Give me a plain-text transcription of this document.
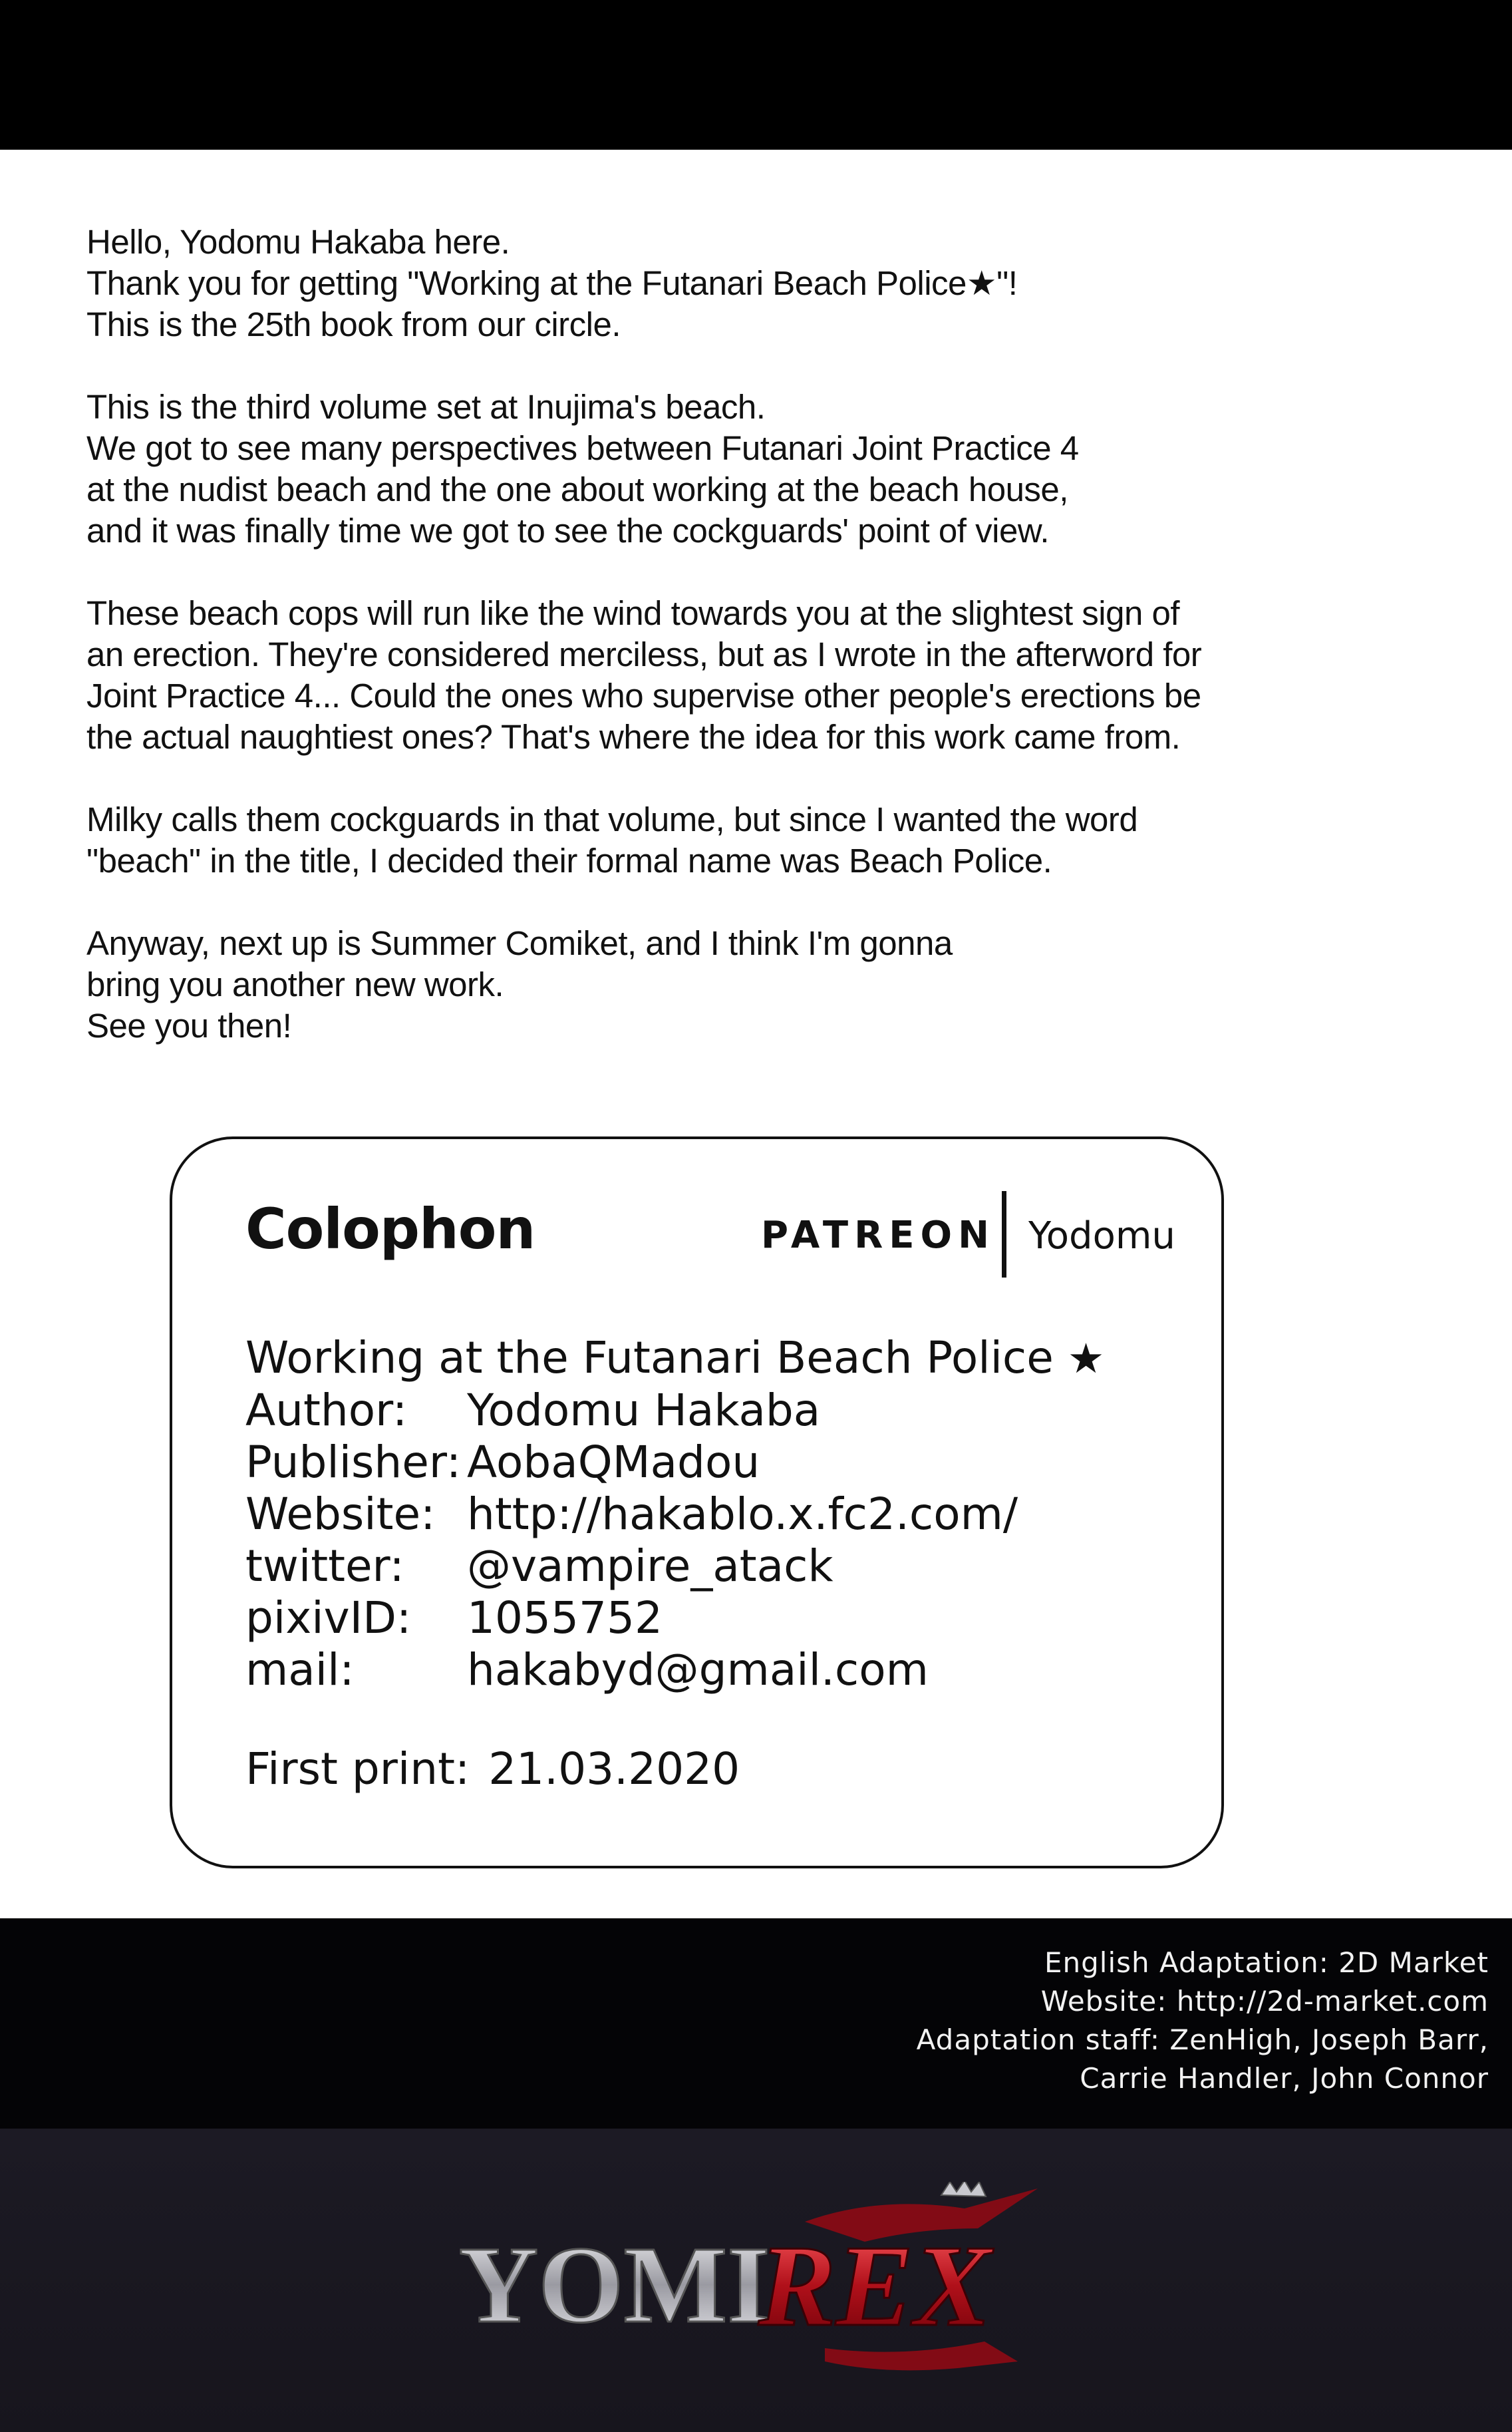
Hello, Yodomu Hakaba here.
Thank you for getting "Working at the Futanari Beach Police★"!
This is the 25th book from our circle.

This is the third volume set at Inujima's beach.
We got to see many perspectives between Futanari Joint Practice 4
at the nudist beach and the one about working at the beach house,
and it was finally time we got to see the cockguards' point of view.

These beach cops will run like the wind towards you at the slightest sign of
an erection. They're considered merciless, but as I wrote in the afterword for
Joint Practice 4... Could the ones who supervise other people's erections be
the actual naughtiest ones? That's where the idea for this work came from.

Milky calls them cockguards in that volume, but since I wanted the word
"beach" in the title, I decided their formal name was Beach Police.

Anyway, next up is Summer Comiket, and I think I'm gonna
bring you another new work.
See you then!

Colophon	PATREON Yodomu
Working at the Futanari Beach Police ★
Author: Yodomu Hakaba
Publisher: AobaQMadou
Website: http://hakablo.x.fc2.com/
twitter: @vampire_atack
pixivID: 1055752
mail:	hakabyd@gmail.com
First print: 21.03.2020
English Adaptation: 2D Market
Website: http://2d-market.com
Adaptation staff: ZenHigh, Joseph Barr,
Carrie Handler, John Connor
YOMI
REX
